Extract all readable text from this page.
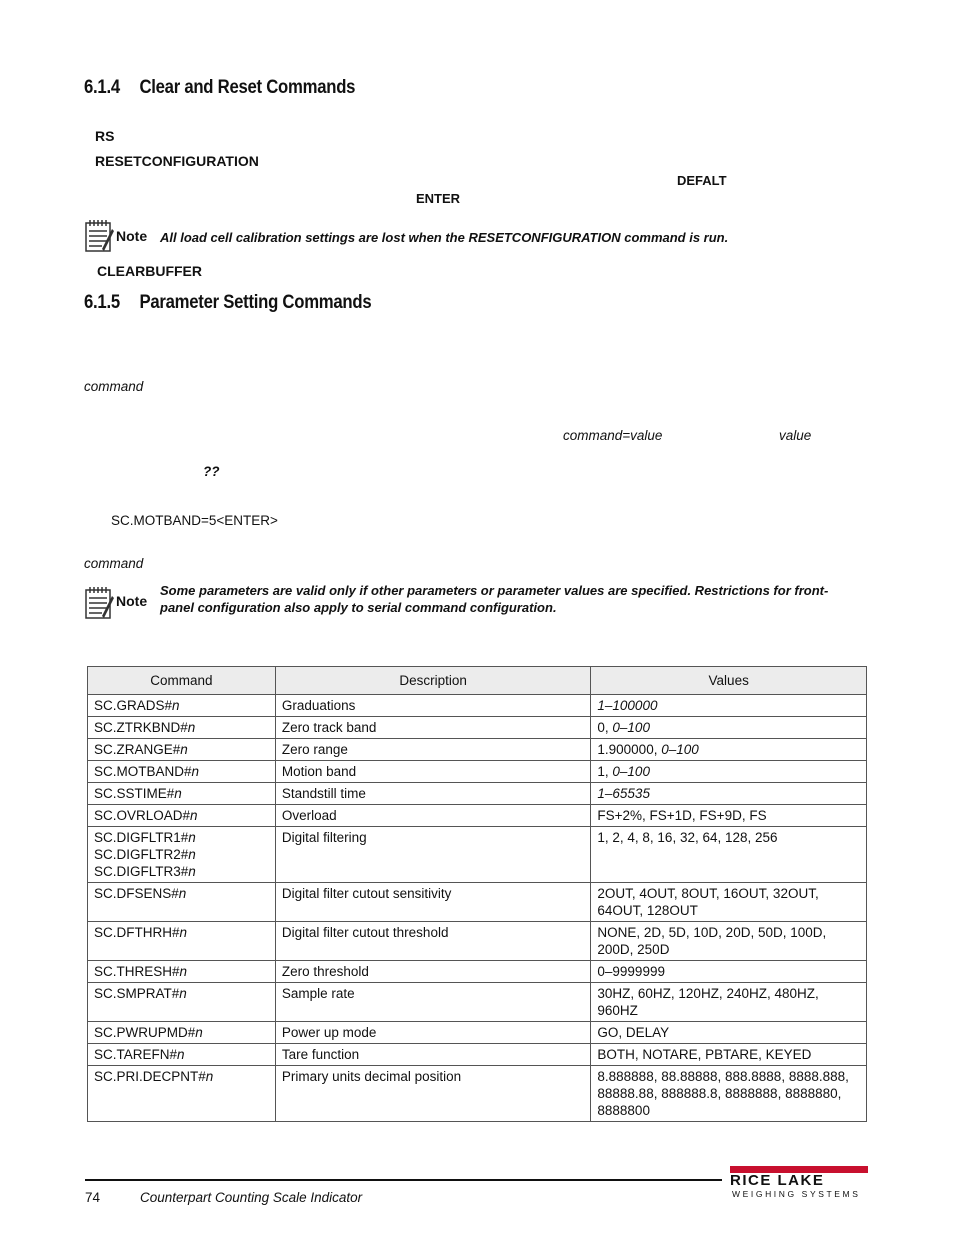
6.1.4 Clear and Reset Commands
RS
RESETCONFIGURATION
DEFALT
ENTER
Note All load cell calibration settings are lost when the RESETCONFIGURATION command is run.
CLEARBUFFER
6.1.5 Parameter Setting Commands
command
command=value	value
??
SC.MOTBAND=5<ENTER>
command
Note
Some parameters are valid only if other parameters or parameter values are specified. Restrictions for front-
panel configuration also apply to serial command configuration.
Command	Description	Values

SC.GRADS#n	Graduations	1–100000

SC.ZTRKBND#n	Zero track band	0, 0–100

SC.ZRANGE#n	Zero range	1.900000, 0–100

SC.MOTBAND#n	Motion band	1, 0–100

SC.SSTIME#n	Standstill time	1–65535

SC.OVRLOAD#n	Overload	FS+2%, FS+1D, FS+9D, FS

SC.DIGFLTR1#n
SC.DIGFLTR2#n
SC.DIGFLTR3#n	Digital filtering	1, 2, 4, 8, 16, 32, 64, 128, 256

SC.DFSENS#n	Digital filter cutout sensitivity	2OUT, 4OUT, 8OUT, 16OUT, 32OUT, 64OUT, 128OUT

SC.DFTHRH#n	Digital filter cutout threshold	NONE, 2D, 5D, 10D, 20D, 50D, 100D, 200D, 250D

SC.THRESH#n	Zero threshold	0–9999999

SC.SMPRAT#n	Sample rate	30HZ, 60HZ, 120HZ, 240HZ, 480HZ, 960HZ

SC.PWRUPMD#n	Power up mode	GO, DELAY

SC.TAREFN#n	Tare function	BOTH, NOTARE, PBTARE, KEYED

SC.PRI.DECPNT#n	Primary units decimal position	8.888888, 88.88888, 888.8888, 8888.888, 88888.88, 888888.8, 8888888, 8888880, 8888800
74	Counterpart Counting Scale Indicator
RICE LAKE
WEIGHING SYSTEMS
